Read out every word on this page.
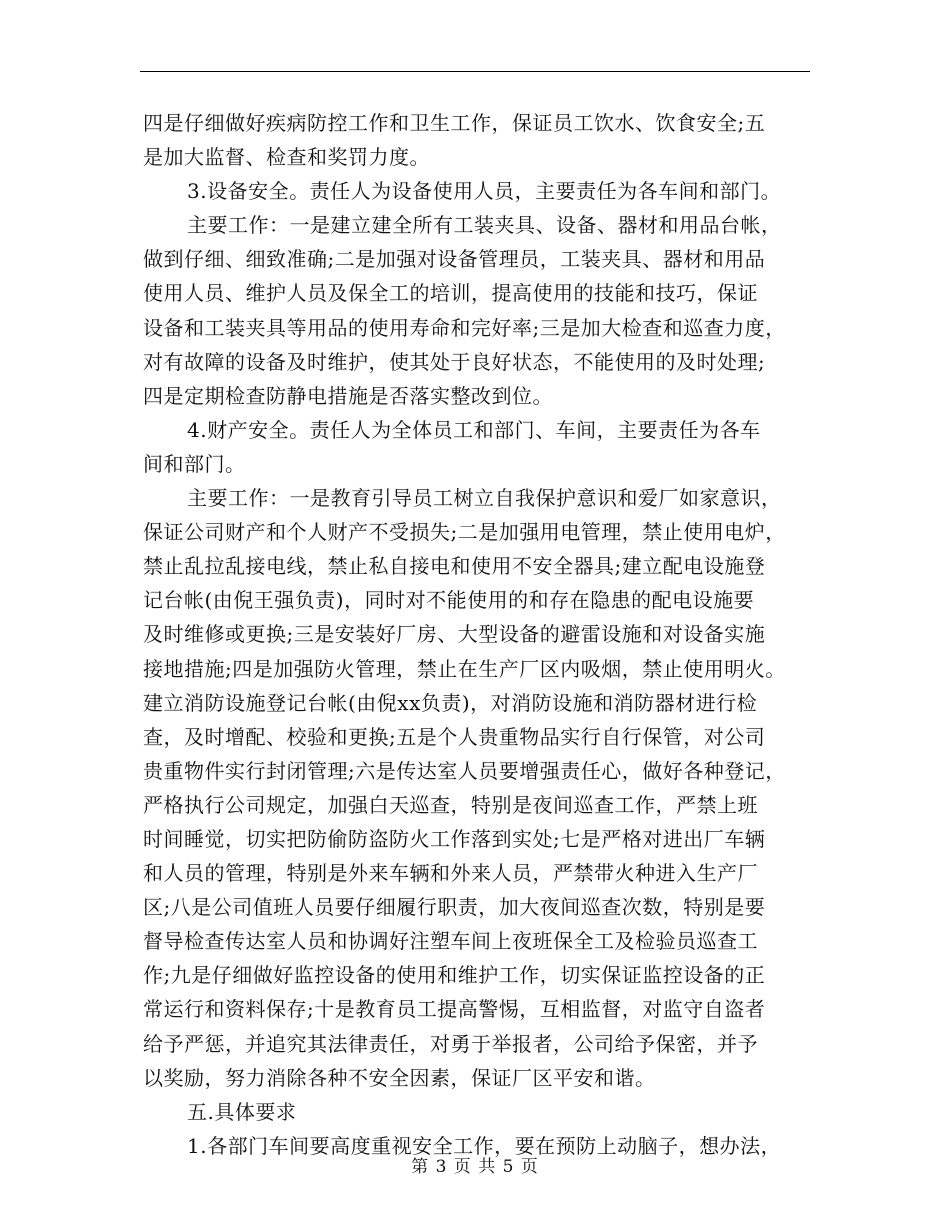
四是仔细做好疾病防控工作和卫生工作，保证员工饮水、饮食安全;五
是加大监督、检查和奖罚力度。
3.设备安全。责任人为设备使用人员，主要责任为各车间和部门。
主要工作：一是建立建全所有工装夹具、设备、器材和用品台帐，
做到仔细、细致准确;二是加强对设备管理员，工装夹具、器材和用品
使用人员、维护人员及保全工的培训，提高使用的技能和技巧，保证
设备和工装夹具等用品的使用寿命和完好率;三是加大检查和巡查力度，
对有故障的设备及时维护，使其处于良好状态，不能使用的及时处理;
四是定期检查防静电措施是否落实整改到位。
4.财产安全。责任人为全体员工和部门、车间，主要责任为各车
间和部门。
主要工作：一是教育引导员工树立自我保护意识和爱厂如家意识，
保证公司财产和个人财产不受损失;二是加强用电管理，禁止使用电炉，
禁止乱拉乱接电线，禁止私自接电和使用不安全器具;建立配电设施登
记台帐(由倪王强负责)，同时对不能使用的和存在隐患的配电设施要
及时维修或更换;三是安装好厂房、大型设备的避雷设施和对设备实施
接地措施;四是加强防火管理，禁止在生产厂区内吸烟，禁止使用明火。
建立消防设施登记台帐(由倪xx负责)，对消防设施和消防器材进行检
查，及时增配、校验和更换;五是个人贵重物品实行自行保管，对公司
贵重物件实行封闭管理;六是传达室人员要增强责任心，做好各种登记，
严格执行公司规定，加强白天巡查，特别是夜间巡查工作，严禁上班
时间睡觉，切实把防偷防盗防火工作落到实处;七是严格对进出厂车辆
和人员的管理，特别是外来车辆和外来人员，严禁带火种进入生产厂
区;八是公司值班人员要仔细履行职责，加大夜间巡查次数，特别是要
督导检查传达室人员和协调好注塑车间上夜班保全工及检验员巡查工
作;九是仔细做好监控设备的使用和维护工作，切实保证监控设备的正
常运行和资料保存;十是教育员工提高警惕，互相监督，对监守自盗者
给予严惩，并追究其法律责任，对勇于举报者，公司给予保密，并予
以奖励，努力消除各种不安全因素，保证厂区平安和谐。
五.具体要求
1.各部门车间要高度重视安全工作，要在预防上动脑子，想办法，
第 3 页 共 5 页
